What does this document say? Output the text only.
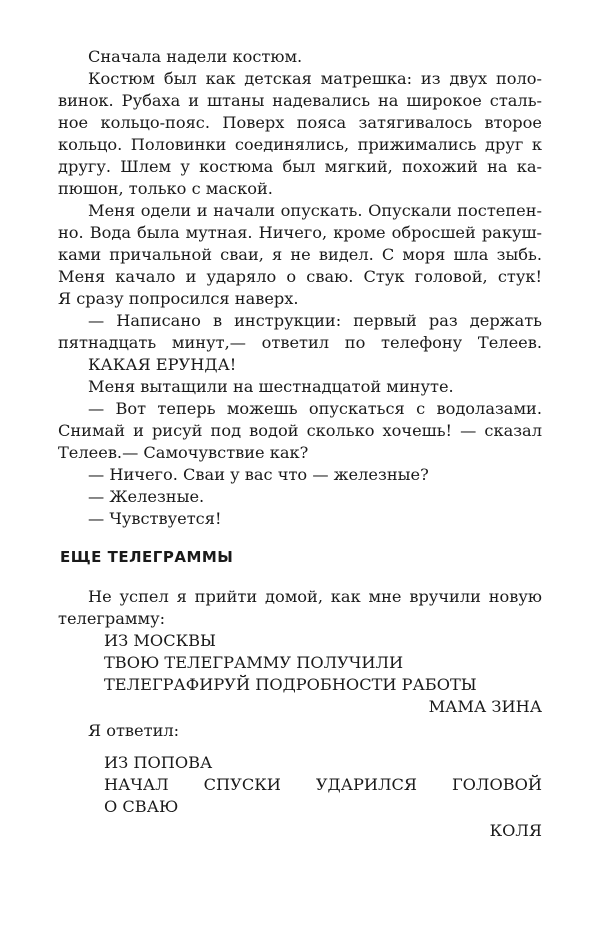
Сначала надели костюм.
Костюм был как детская матрешка: из двух поло-
винок. Рубаха и штаны надевались на широкое сталь-
ное кольцо-пояс. Поверх пояса затягивалось второе
кольцо. Половинки соединялись, прижимались друг к
другу. Шлем у костюма был мягкий, похожий на ка-
пюшон, только с маской.
Меня одели и начали опускать. Опускали постепен-
но. Вода была мутная. Ничего, кроме обросшей ракуш-
ками причальной сваи, я не видел. С моря шла зыбь.
Меня качало и ударяло о сваю. Стук головой, стук!
Я сразу попросился наверх.
— Написано в инструкции: первый раз держать
пятнадцать минут,— ответил по телефону Телеев.
КАКАЯ ЕРУНДА!
Меня вытащили на шестнадцатой минуте.
— Вот теперь можешь опускаться с водолазами.
Снимай и рисуй под водой сколько хочешь! — сказал
Телеев.— Самочувствие как?
— Ничего. Сваи у вас что — железные?
— Железные.
— Чувствуется!
ЕЩЕ ТЕЛЕГРАММЫ
Не успел я прийти домой, как мне вручили новую
телеграмму:
ИЗ МОСКВЫ
ТВОЮ ТЕЛЕГРАММУ ПОЛУЧИЛИ
ТЕЛЕГРАФИРУЙ ПОДРОБНОСТИ РАБОТЫ
МАМА ЗИНА
Я ответил:
ИЗ ПОПОВА
НАЧАЛ СПУСКИ УДАРИЛСЯ ГОЛОВОЙ
О СВАЮ
КОЛЯ
